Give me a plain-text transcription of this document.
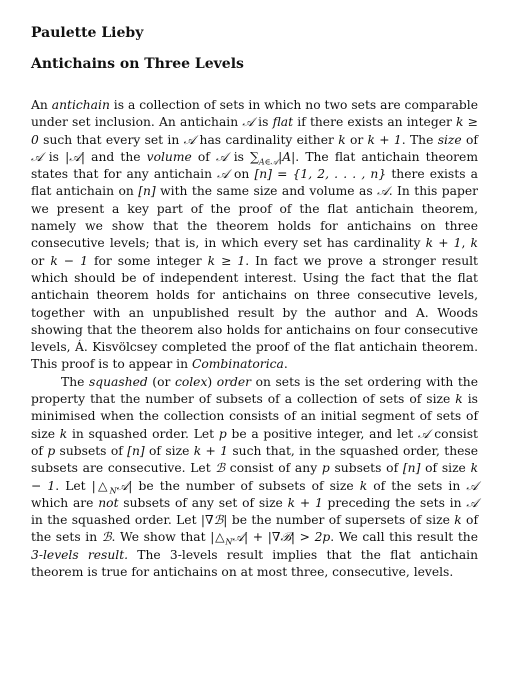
Paulette Lieby

Antichains on Three Levels

An antichain is a collection of sets in which no two sets are comparable under set inclusion. An antichain 𝒜 is flat if there exists an integer k ≥ 0 such that every set in 𝒜 has cardinality either k or k + 1. The size of 𝒜 is |𝒜| and the volume of 𝒜 is $\sum_{A\in 𝒜}|A|$. The flat antichain theorem states that for any antichain 𝒜 on [n] = {1, 2, . . . , n} there exists a flat antichain on [n] with the same size and volume as 𝒜. In this paper we present a key part of the proof of the flat antichain theorem, namely we show that the theorem holds for antichains on three consecutive levels; that is, in which every set has cardinality k + 1, k or k − 1 for some integer k ≥ 1. In fact we prove a stronger result which should be of independent interest. Using the fact that the flat antichain theorem holds for antichains on three consecutive levels, together with an unpublished result by the author and A. Woods showing that the theorem also holds for antichains on four consecutive levels, Á. Kisvölcsey completed the proof of the flat antichain theorem. This proof is to appear in Combinatorica.

The squashed (or colex) order on sets is the set ordering with the property that the number of subsets of a collection of sets of size k is minimised when the collection consists of an initial segment of sets of size k in squashed order. Let p be a positive integer, and let 𝒜 consist of p subsets of [n] of size k + 1 such that, in the squashed order, these subsets are consecutive. Let ℬ consist of any p subsets of [n] of size k − 1. Let $|\triangle_N𝒜|$ be the number of subsets of size k of the sets in 𝒜 which are not subsets of any set of size k + 1 preceding the sets in 𝒜 in the squashed order. Let |∇ℬ| be the number of supersets of size k of the sets in ℬ. We show that $|\triangle_N𝒜|$ + |∇ℬ| > 2p. We call this result the 3-levels result. The 3-levels result implies that the flat antichain theorem is true for antichains on at most three, consecutive, levels.
